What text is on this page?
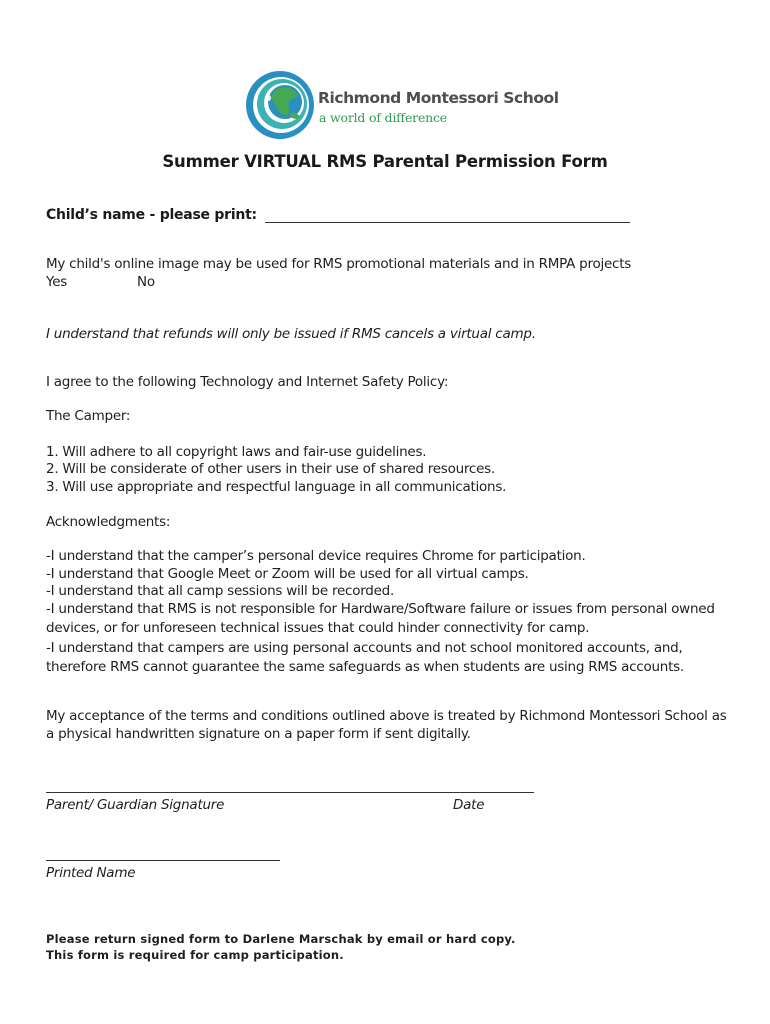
Richmond Montessori School
a world of difference
Summer VIRTUAL RMS Parental Permission Form
Child’s name - please print:
My child's online image may be used for RMS promotional materials and in RMPA projects
Yes	No
I understand that refunds will only be issued if RMS cancels a virtual camp.
I agree to the following Technology and Internet Safety Policy:
The Camper:
1. Will adhere to all copyright laws and fair-use guidelines.
2. Will be considerate of other users in their use of shared resources.
3. Will use appropriate and respectful language in all communications.
Acknowledgments:
-I understand that the camper’s personal device requires Chrome for participation.
-I understand that Google Meet or Zoom will be used for all virtual camps.
-I understand that all camp sessions will be recorded.
-I understand that RMS is not responsible for Hardware/Software failure or issues from personal owned
devices, or for unforeseen technical issues that could hinder connectivity for camp.
-I understand that campers are using personal accounts and not school monitored accounts, and,
therefore RMS cannot guarantee the same safeguards as when students are using RMS accounts.
My acceptance of the terms and conditions outlined above is treated by Richmond Montessori School as
a physical handwritten signature on a paper form if sent digitally.
Parent/ Guardian Signature	Date
Printed Name
Please return signed form to Darlene Marschak by email or hard copy.
This form is required for camp participation.
